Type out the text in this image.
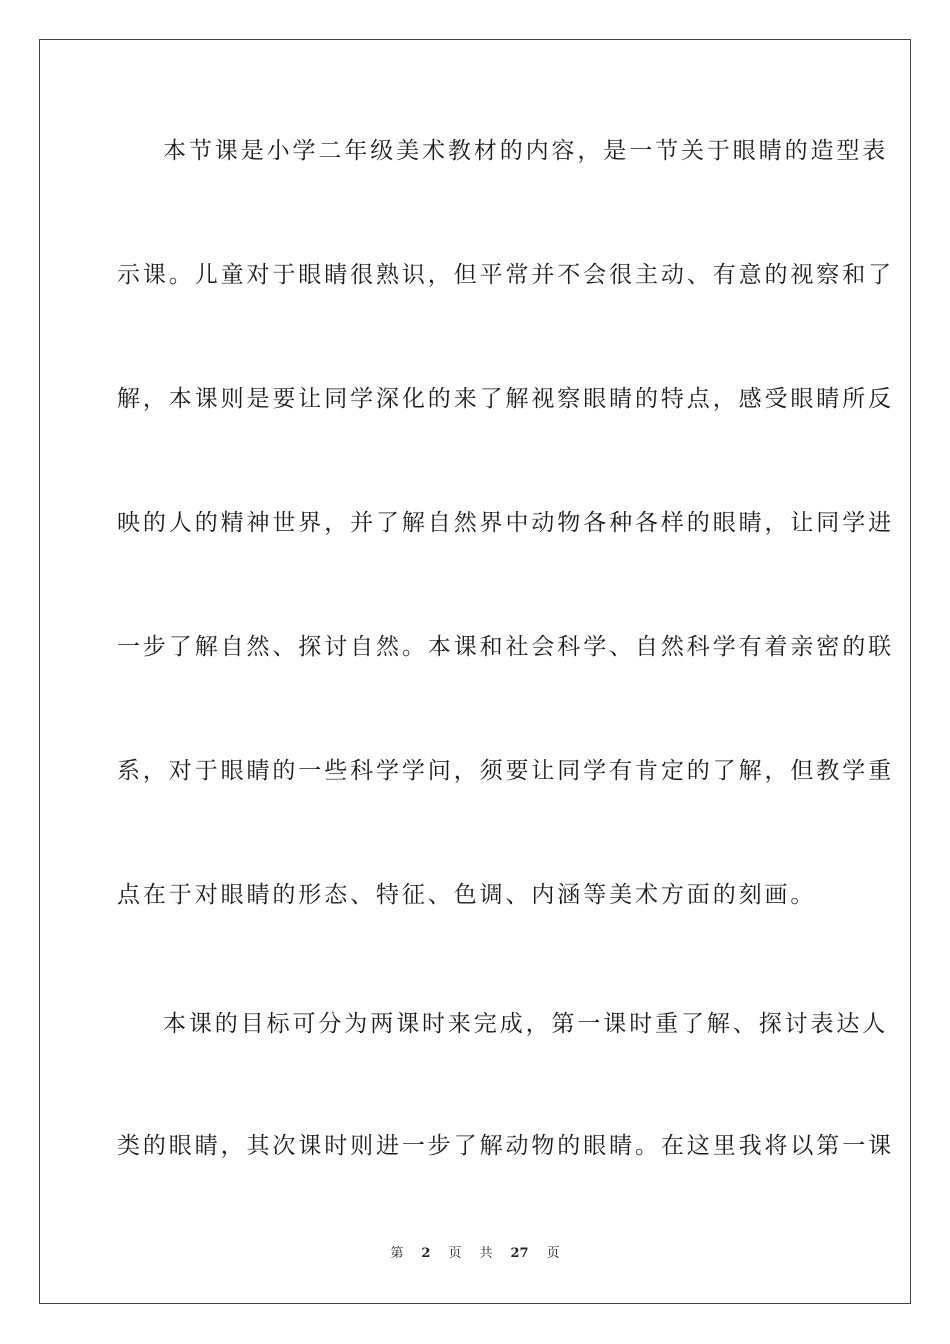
本节课是小学二年级美术教材的内容，是一节关于眼睛的造型表
示课。儿童对于眼睛很熟识，但平常并不会很主动、有意的视察和了
解，本课则是要让同学深化的来了解视察眼睛的特点，感受眼睛所反
映的人的精神世界，并了解自然界中动物各种各样的眼睛，让同学进
一步了解自然、探讨自然。本课和社会科学、自然科学有着亲密的联
系，对于眼睛的一些科学学问，须要让同学有肯定的了解，但教学重
点在于对眼睛的形态、特征、色调、内涵等美术方面的刻画。
本课的目标可分为两课时来完成，第一课时重了解、探讨表达人
类的眼睛，其次课时则进一步了解动物的眼睛。在这里我将以第一课
第 2 页 共 27 页
